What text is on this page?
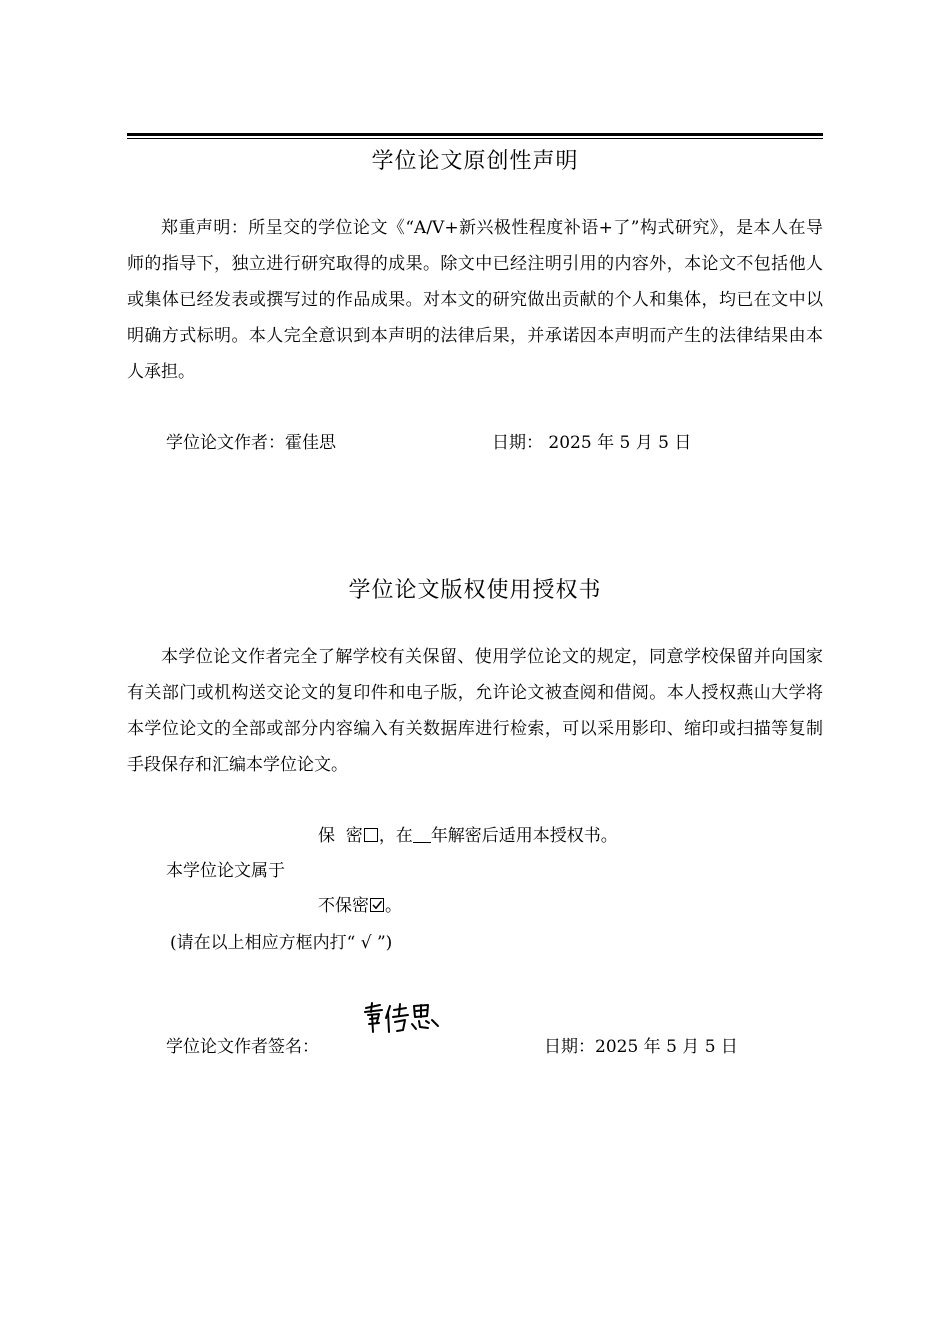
学位论文原创性声明

郑重声明：所呈交的学位论文《“A/V+新兴极性程度补语+了”构式研究》，是本人在导师的指导下，独立进行研究取得的成果。除文中已经注明引用的内容外，本论文不包括他人或集体已经发表或撰写过的作品成果。对本文的研究做出贡献的个人和集体，均已在文中以明确方式标明。本人完全意识到本声明的法律后果，并承诺因本声明而产生的法律结果由本人承担。

学位论文作者：霍佳思	日期： 2025 年 5 月 5 日

学位论文版权使用授权书

本学位论文作者完全了解学校有关保留、使用学位论文的规定，同意学校保留并向国家有关部门或机构送交论文的复印件和电子版，允许论文被查阅和借阅。本人授权燕山大学将本学位论文的全部或部分内容编入有关数据库进行检索，可以采用影印、缩印或扫描等复制手段保存和汇编本学位论文。

保  密 ，在 年解密后适用本授权书。

本学位论文属于

不保密 。

(请在以上相应方框内打“ √ ”)

学位论文作者签名：	日期：2025 年 5 月 5 日
